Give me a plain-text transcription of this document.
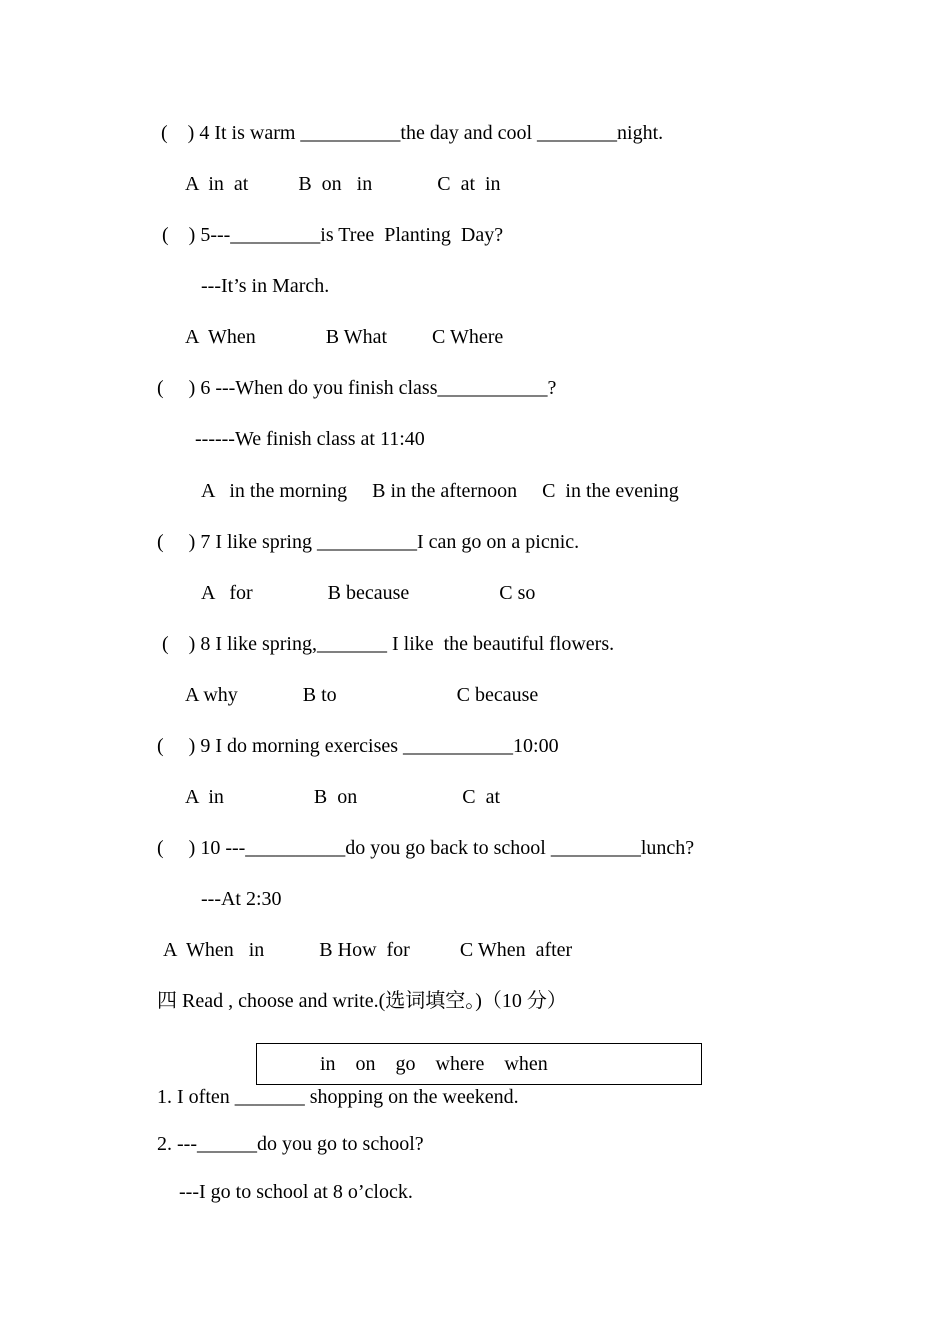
(    ) 4 It is warm __________the day and cool ________night.
A  in  at          B  on   in             C  at  in
(    ) 5---_________is Tree  Planting  Day?
---It’s in March.
A  When              B What         C Where
(     ) 6 ---When do you finish class___________?
------We finish class at 11:40
A   in the morning     B in the afternoon     C  in the evening
(     ) 7 I like spring __________I can go on a picnic.
A   for               B because                  C so
(    ) 8 I like spring,_______ I like  the beautiful flowers.
A why             B to                        C because
(     ) 9 I do morning exercises ___________10:00
A  in                  B  on                     C  at
(     ) 10 ---__________do you go back to school _________lunch?
---At 2:30
A  When   in           B How  for          C When  after
四 Read , choose and write.(选词填空。)（10 分）
in    on    go    where    when
1. I often _______ shopping on the weekend.
2. ---______do you go to school?
---I go to school at 8 o’clock.
